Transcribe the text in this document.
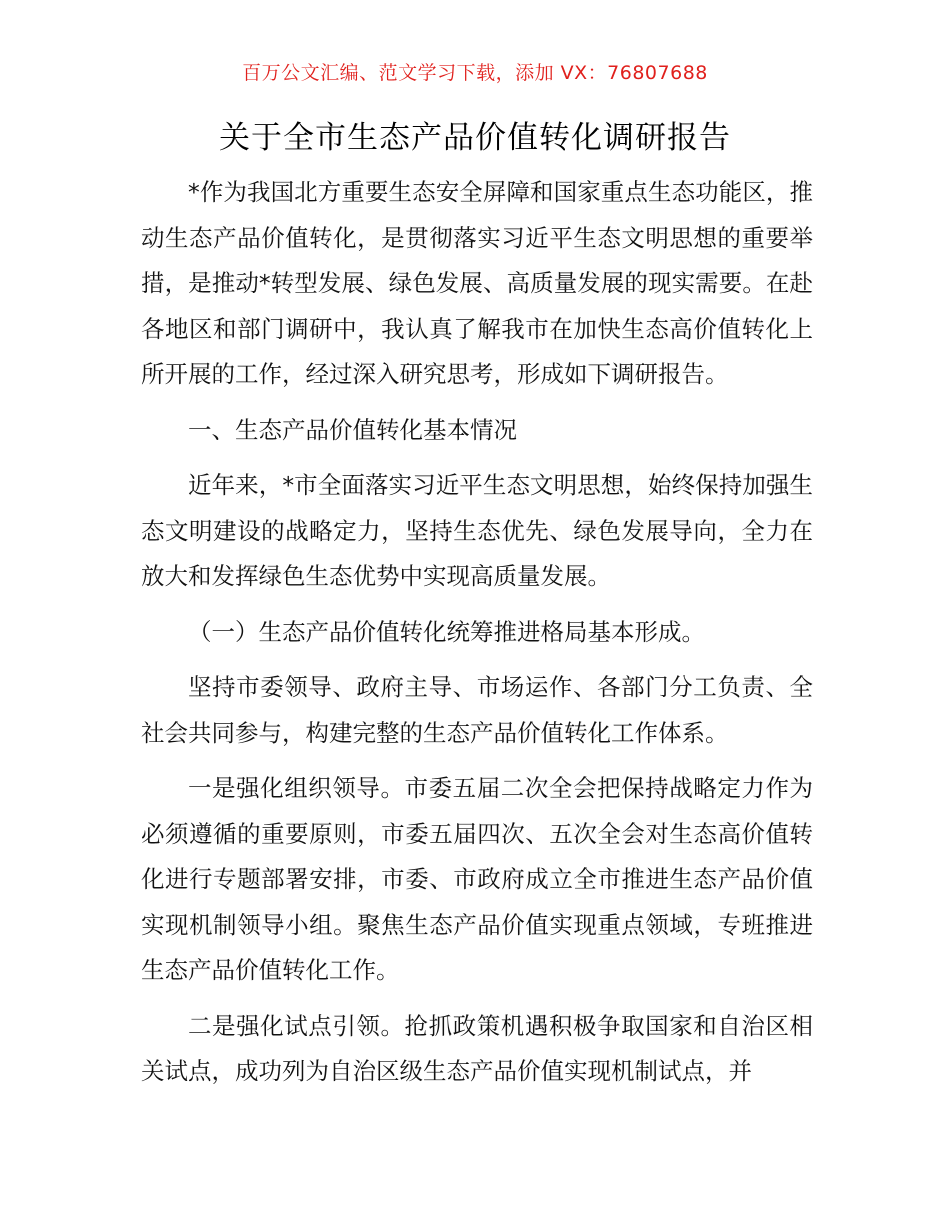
百万公文汇编、范文学习下载，添加 VX：76807688
关于全市生态产品价值转化调研报告

*作为我国北方重要生态安全屏障和国家重点生态功能区，推动生态产品价值转化，是贯彻落实习近平生态文明思想的重要举措，是推动*转型发展、绿色发展、高质量发展的现实需要。在赴各地区和部门调研中，我认真了解我市在加快生态高价值转化上所开展的工作，经过深入研究思考，形成如下调研报告。

一、生态产品价值转化基本情况

近年来，*市全面落实习近平生态文明思想，始终保持加强生态文明建设的战略定力，坚持生态优先、绿色发展导向，全力在放大和发挥绿色生态优势中实现高质量发展。

（一）生态产品价值转化统筹推进格局基本形成。

坚持市委领导、政府主导、市场运作、各部门分工负责、全社会共同参与，构建完整的生态产品价值转化工作体系。

一是强化组织领导。市委五届二次全会把保持战略定力作为必须遵循的重要原则，市委五届四次、五次全会对生态高价值转化进行专题部署安排，市委、市政府成立全市推进生态产品价值实现机制领导小组。聚焦生态产品价值实现重点领域，专班推进生态产品价值转化工作。

二是强化试点引领。抢抓政策机遇积极争取国家和自治区相关试点，成功列为自治区级生态产品价值实现机制试点，并
